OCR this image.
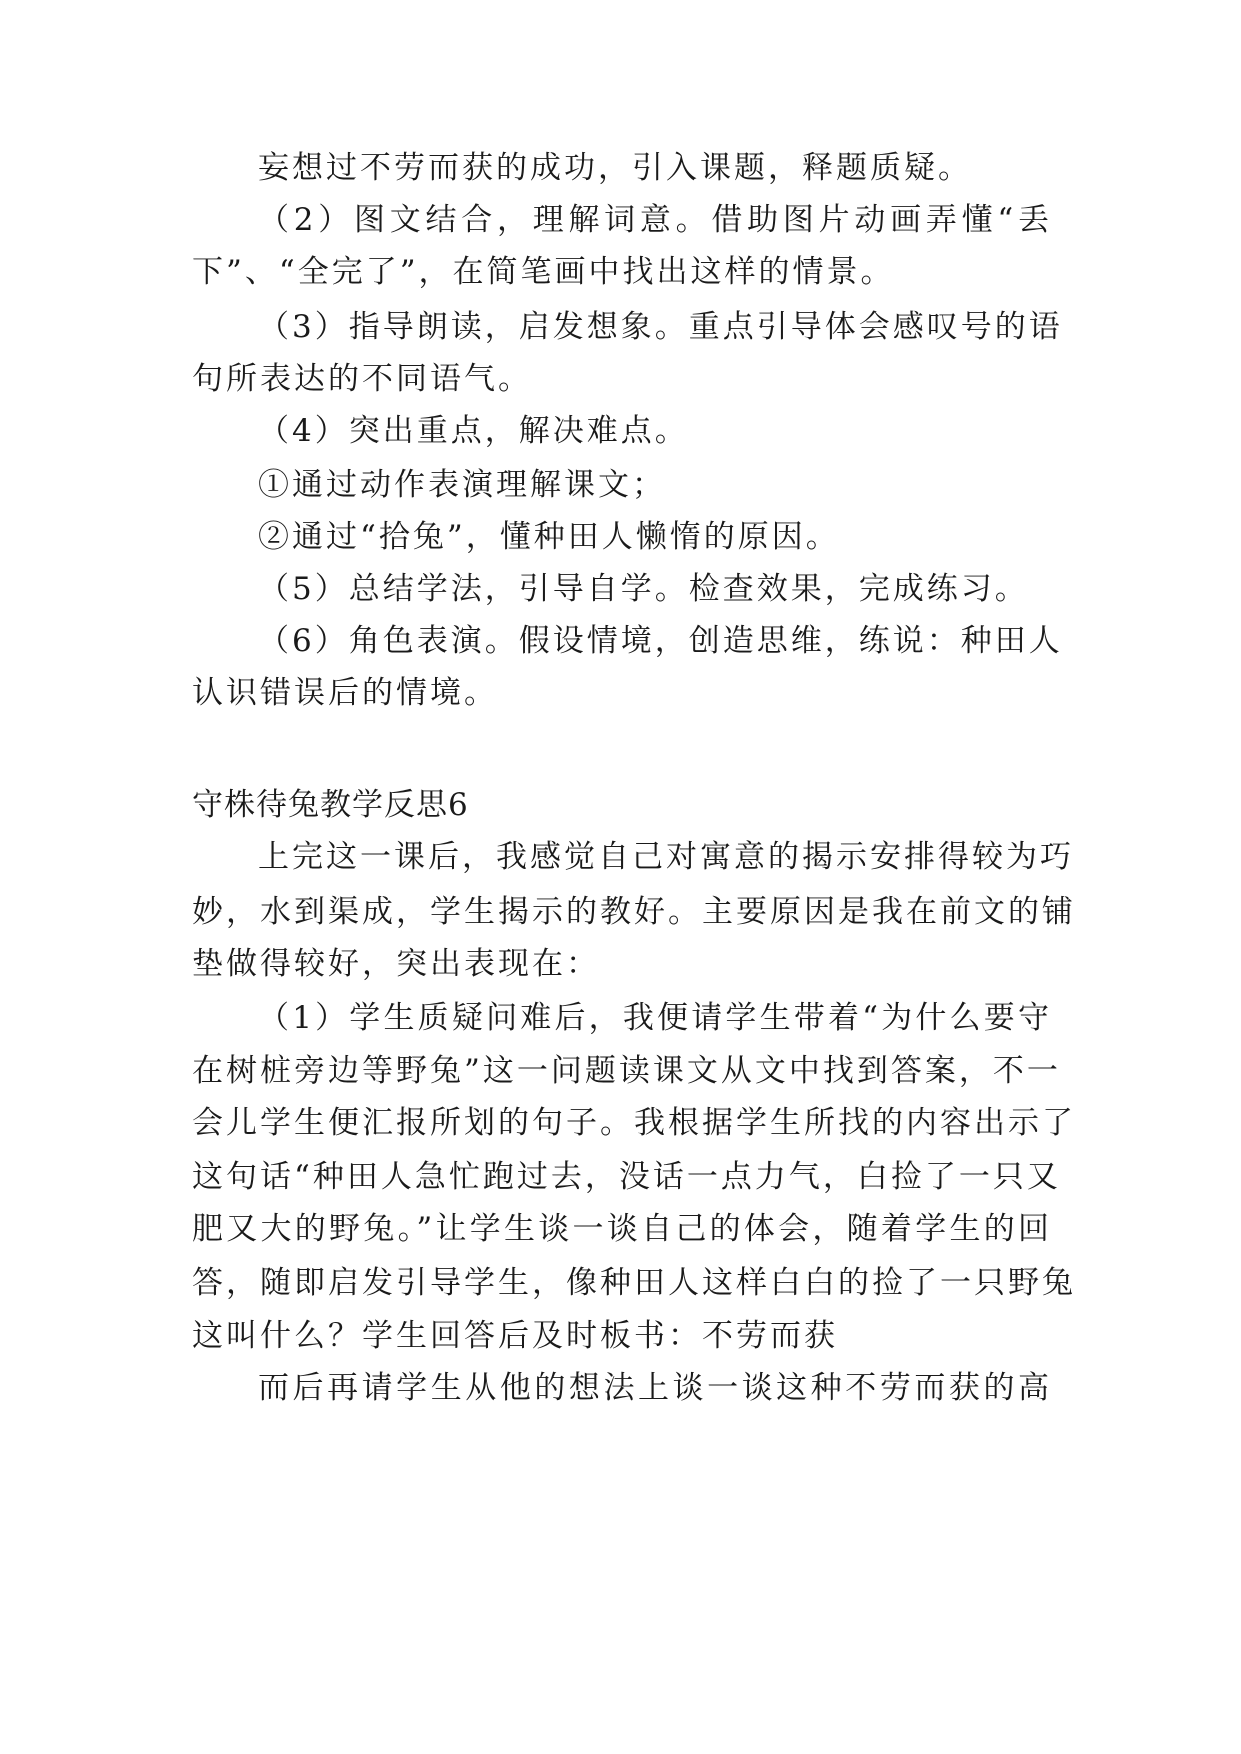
妄想过不劳而获的成功，引入课题，释题质疑。
（2）图文结合，理解词意。借助图片动画弄懂“丢
下”、“全完了”，在简笔画中找出这样的情景。
（3）指导朗读，启发想象。重点引导体会感叹号的语
句所表达的不同语气。
（4）突出重点，解决难点。
①通过动作表演理解课文；
②通过“拾兔”，懂种田人懒惰的原因。
（5）总结学法，引导自学。检查效果，完成练习。
（6）角色表演。假设情境，创造思维，练说：种田人
认识错误后的情境。
守株待兔教学反思6
上完这一课后，我感觉自己对寓意的揭示安排得较为巧
妙，水到渠成，学生揭示的教好。主要原因是我在前文的铺
垫做得较好，突出表现在：
（1）学生质疑问难后，我便请学生带着“为什么要守
在树桩旁边等野兔”这一问题读课文从文中找到答案，不一
会儿学生便汇报所划的句子。我根据学生所找的内容出示了
这句话“种田人急忙跑过去，没话一点力气，白捡了一只又
肥又大的野兔。”让学生谈一谈自己的体会，随着学生的回
答，随即启发引导学生，像种田人这样白白的捡了一只野兔
这叫什么？学生回答后及时板书：不劳而获
而后再请学生从他的想法上谈一谈这种不劳而获的高
